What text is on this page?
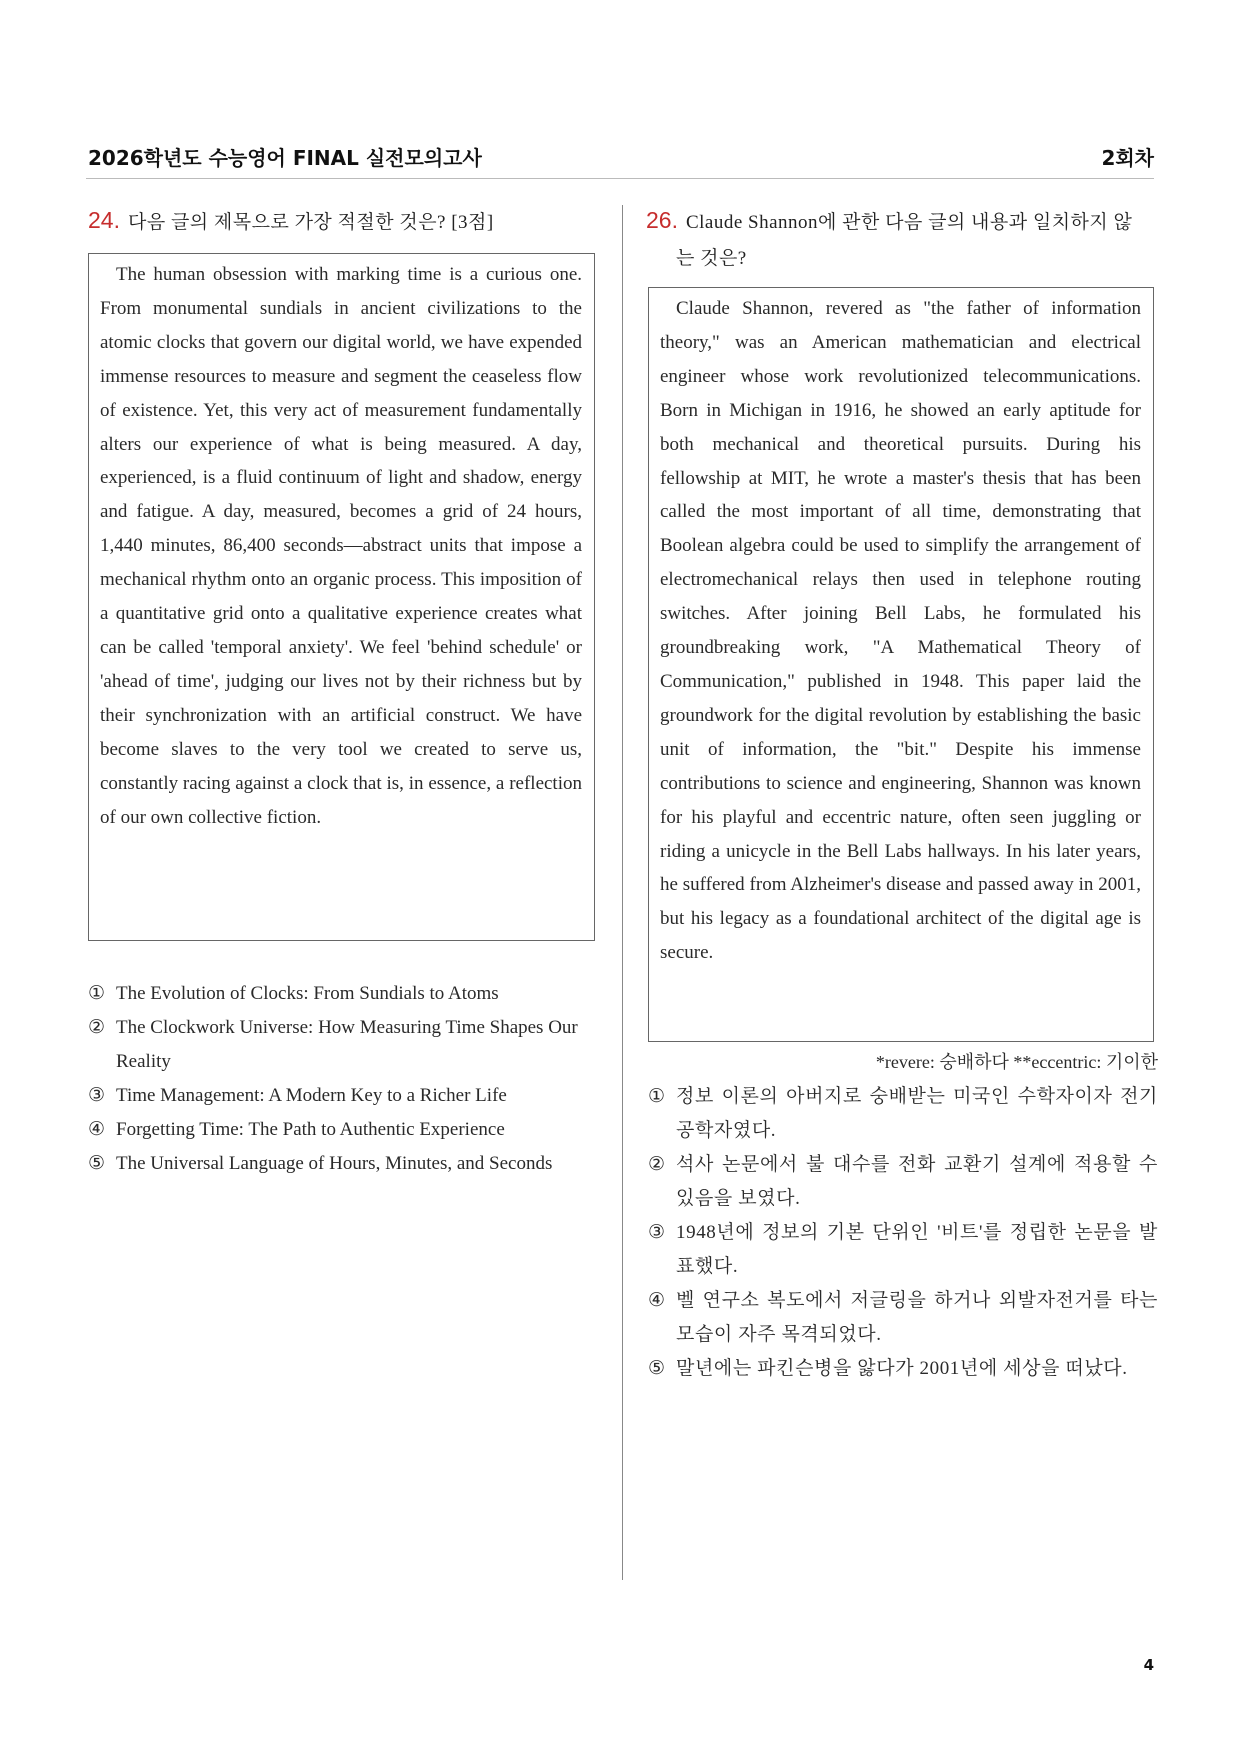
2026학년도 수능영어 FINAL 실전모의고사	2회차
24. 다음 글의 제목으로 가장 적절한 것은? [3점]

The human obsession with marking time is a curious one. From monumental sundials in ancient civilizations to the atomic clocks that govern our digital world, we have expended immense resources to measure and segment the ceaseless flow of existence. Yet, this very act of measurement fundamentally alters our experience of what is being measured. A day, experienced, is a fluid continuum of light and shadow, energy and fatigue. A day, measured, becomes a grid of 24 hours, 1,440 minutes, 86,400 seconds—abstract units that impose a mechanical rhythm onto an organic process. This imposition of a quantitative grid onto a qualitative experience creates what can be called 'temporal anxiety'. We feel 'behind schedule' or 'ahead of time', judging our lives not by their richness but by their synchronization with an artificial construct. We have become slaves to the very tool we created to serve us, constantly racing against a clock that is, in essence, a reflection of our own collective fiction.

① The Evolution of Clocks: From Sundials to Atoms
② The Clockwork Universe: How Measuring Time Shapes Our Reality
③ Time Management: A Modern Key to a Richer Life
④ Forgetting Time: The Path to Authentic Experience
⑤ The Universal Language of Hours, Minutes, and Seconds
26. Claude Shannon에 관한 다음 글의 내용과 일치하지 않
는 것은?

Claude Shannon, revered as "the father of information theory," was an American mathematician and electrical engineer whose work revolutionized telecommunications. Born in Michigan in 1916, he showed an early aptitude for both mechanical and theoretical pursuits. During his fellowship at MIT, he wrote a master's thesis that has been called the most important of all time, demonstrating that Boolean algebra could be used to simplify the arrangement of electromechanical relays then used in telephone routing switches. After joining Bell Labs, he formulated his groundbreaking work, "A Mathematical Theory of Communication," published in 1948. This paper laid the groundwork for the digital revolution by establishing the basic unit of information, the "bit." Despite his immense contributions to science and engineering, Shannon was known for his playful and eccentric nature, often seen juggling or riding a unicycle in the Bell Labs hallways. In his later years, he suffered from Alzheimer's disease and passed away in 2001, but his legacy as a foundational architect of the digital age is secure.

*revere: 숭배하다 **eccentric: 기이한
① 정보 이론의 아버지로 숭배받는 미국인 수학자이자 전기공학자였다.
② 석사 논문에서 불 대수를 전화 교환기 설계에 적용할 수 있음을 보였다.
③ 1948년에 정보의 기본 단위인 '비트'를 정립한 논문을 발표했다.
④ 벨 연구소 복도에서 저글링을 하거나 외발자전거를 타는 모습이 자주 목격되었다.
⑤ 말년에는 파킨슨병을 앓다가 2001년에 세상을 떠났다.
4
